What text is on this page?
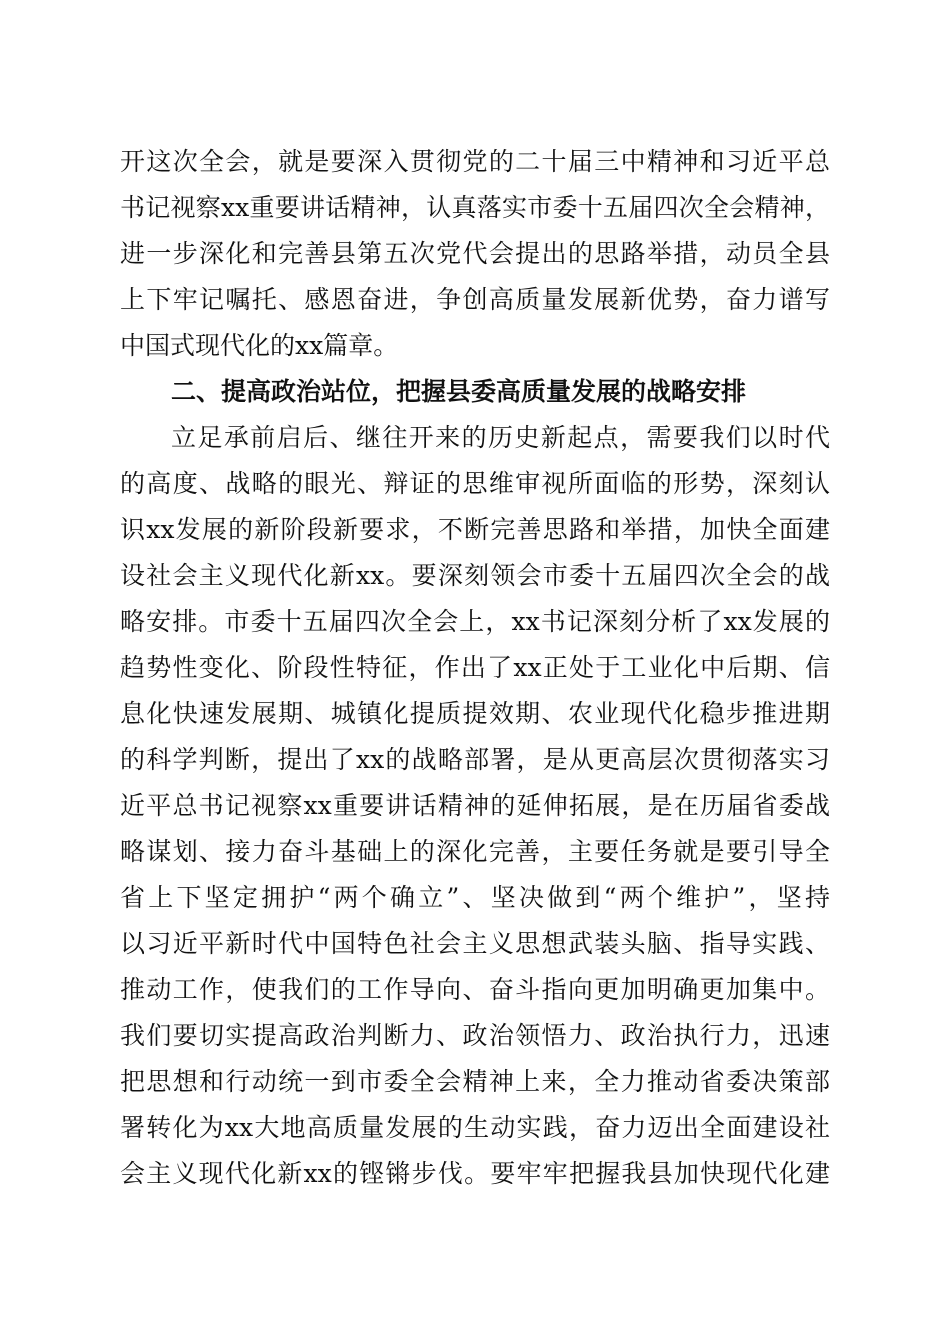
开这次全会，就是要深入贯彻党的二十届三中精神和习近平总
书记视察xx重要讲话精神，认真落实市委十五届四次全会精神，
进一步深化和完善县第五次党代会提出的思路举措，动员全县
上下牢记嘱托、感恩奋进，争创高质量发展新优势，奋力谱写
中国式现代化的xx篇章。
二、提高政治站位，把握县委高质量发展的战略安排
立足承前启后、继往开来的历史新起点，需要我们以时代
的高度、战略的眼光、辩证的思维审视所面临的形势，深刻认
识xx发展的新阶段新要求，不断完善思路和举措，加快全面建
设社会主义现代化新xx。要深刻领会市委十五届四次全会的战
略安排。市委十五届四次全会上，xx书记深刻分析了xx发展的
趋势性变化、阶段性特征，作出了xx正处于工业化中后期、信
息化快速发展期、城镇化提质提效期、农业现代化稳步推进期
的科学判断，提出了xx的战略部署，是从更高层次贯彻落实习
近平总书记视察xx重要讲话精神的延伸拓展，是在历届省委战
略谋划、接力奋斗基础上的深化完善，主要任务就是要引导全
省上下坚定拥护“两个确立”、坚决做到“两个维护”，坚持
以习近平新时代中国特色社会主义思想武装头脑、指导实践、
推动工作，使我们的工作导向、奋斗指向更加明确更加集中。
我们要切实提高政治判断力、政治领悟力、政治执行力，迅速
把思想和行动统一到市委全会精神上来，全力推动省委决策部
署转化为xx大地高质量发展的生动实践，奋力迈出全面建设社
会主义现代化新xx的铿锵步伐。要牢牢把握我县加快现代化建
